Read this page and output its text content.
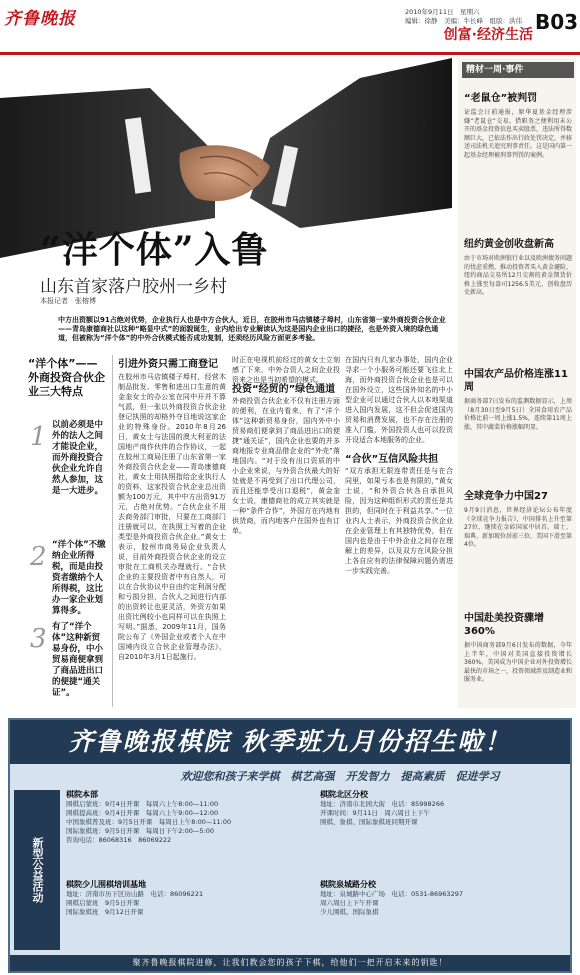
齐鲁晚报	2010年9月11日　星期六
编辑：徐静　美编：牛长峰　组版：洪伟 B03
创富·经济生活
“洋个体”入鲁
山东首家落户胶州一乡村
本报记者　张榕博
中方出资额以91占绝对优势，企业执行人也是中方合伙人，近日，在胶州市马店镇楼子埠村，山东省第一家外商投资合伙企业——青岛康德商社以这种“略显中式”的面貌诞生，业内给出专业解读认为这是国内企业出口的捷径，也是外资入境的绿色通道，但被称为“洋个体”的中外合伙模式能否成功复制，还须经历风险方面更多考验。
“洋个体”——外商投资合伙企业三大特点
1 以前必须是中外的法人之间才能设企业，而外商投资合伙企业允许自然人参加，这是一大进步。
2 “洋个体”不缴纳企业所得税，而是由投资者缴纳个人所得税，这比办一家企业划算得多。
3 有了“洋个体”这种新贸易身份，中小贸易商便拿到了商品进出口的便捷“通关证”。
引进外资只需工商登记
在胶州市马店镇楼子埠村，经营木制品批发、零售和进出口生意的黄金奎女士的办公室在同中开并不算气派，但一张以外商投资合伙企业登记执照的却格外夺目地说这家企业的特殊身份。2010年8月26日，黄女士与法国的澳大利亚的法国地产商作伙伴的合作协议，一起在胶州工商局注册了山东省第一家外商投资合伙企业——青岛康德商社，黄女士用执照指给企业执行人的资料，这家投资合伙企业总出资额为100万元，其中中方出资91万元，占绝对优势。“合伙企业不用去商务部门审批，只要在工商部门注册就可以，在执照上写着的企业类型是外商投资合伙企业。”黄女士表示，胶州市商务局企业负责人说，目前外商投资合伙企业的设立审批在工商机关办理就行。“合伙企业的主要投资者中有自然人，可以在合伙协议中自由约定利润分配和亏损分担，合伙人之间进行内部的出资转让也更灵活，外资方如果出资比例较小也同样可以在执照上写明。”据悉，2009年11月，国务院公布了《外国企业或者个人在中国境内设立合伙企业管理办法》，自2010年3月1日起施行。
时正在电视机前经过的黄女士立刻感了下来，中外合资人之间企业投资来之也是当初希望的模式。
投资“经贸的”绿色通道
外商投资合伙企业不仅有注册方面的便利，在业内看来，有了“洋个体”这种新贸易身份，国内外中小贸易商们便拿到了商品进出口的便捷“通关证”，国内企业也要的并多商地报专业商品借企业的“外壳”落地国内。“对于没有出口资质的中小企业来说，与外资合伙最大的好处就是不再受到了出口代理公司，而且还能享受出口退税”，黄金奎女士说，康德商社的成立其实就是一种“条件合作”，外国方在内地有供货商，而内地客户在国外也有订单。
在国内只有几家办事处，国内企业寻求一个小服务可能还要飞往北上海，而外商投资合伙企业也是可以在国外设立，这些国外知名的中小型企业可以通过合伙人以本地渠道进入国内发展，这不但会促进国内贸易和消费发展，也不存在注册的准入门槛，外国投资人也可以投资开设适合本地服务的企业。
“合伙”互信风险共担
“双方承担无限连带责任是与在合同里，如果亏本也是有限的，”黄女士说，“和外资合伙各自承担风险，因为这种组织形式的责任是共担的，但同时在于利益共享。”一位业内人士表示，外商投资合伙企业在企业管理上有其独特优势，但在国内也是由于中外企业之间存在理解上的差异，以及双方在风险分担上各自应有的法律保障问题仍需进一步实践完善。
精材一周·事件
“老鼠仓”被判罚
证监会日前通报，原华夏基金经理涉嫌“老鼠仓”交易，借职务之便利用未公开的基金投资信息买卖股票，违法所得数额巨大，已依法作出行政处罚决定，并移送司法机关追究刑事责任。这是国内第一起基金经理被刑事判罚的案例。
纽约黄金创收盘新高
由于市场对欧洲银行业以及欧洲债务问题的忧虑重燃，推动投资者买入黄金避险，纽约商品交易所12月交割的黄金期货价格上涨至每盎司1256.5美元，创收盘历史新高。
中国农产品价格连涨11周
据商务部7日发布的监测数据显示，上周（8月30日至9月5日）全国食用农产品价格比前一周上涨1.5%，连续第11周上涨，其中蔬菜价格涨幅明显。
全球竞争力中国27
9月9日消息，世界经济论坛公布年度《全球竞争力报告》，中国排名上升至第27位，继续在金砖国家中居首。瑞士、瑞典、新加坡位居前三位，美国下滑至第4位。
中国赴美投资骤增360%
据中国商务部9月6日发布的数据，今年上半年，中国对美国直接投资增长360%，美国成为中国企业对外投资增长最快的市场之一，投资领域涉及制造业和服务业。
齐鲁晚报棋院 秋季班九月份招生啦！
欢迎您和孩子来学棋　棋艺高强　开发智力　提高素质　促进学习
新型公益活动
棋院本部
围棋启蒙班：9月4日开课　每周六上午8:00—11:00
围棋提高班：9月4日开课　每周六上午9:00—12:00
中国象棋普及班：9月5日开课　每周日上午8:00—11:00
国际象棋班：9月5日开课　每周日下午2:00—5:00
咨询电话：86068316　86069222
棋院北区分校
地址：济南市北园大街　电话：85998266
开课时间：9月11日　周六周日上下午
围棋、象棋、国际象棋班同期开课
棋院少儿围棋培训基地
地址：济南市历下区历山路　电话：86096221
围棋启蒙班　9月5日开课
国际象棋班　9月12日开课
棋院泉城路分校
地址：泉城路中心广场　电话：0531-86963297
周六周日上下午开课
少儿围棋、国际象棋
聚齐鲁晚报棋院进修，让我们教会您的孩子下棋，给他们一把开启未来的钥匙！
